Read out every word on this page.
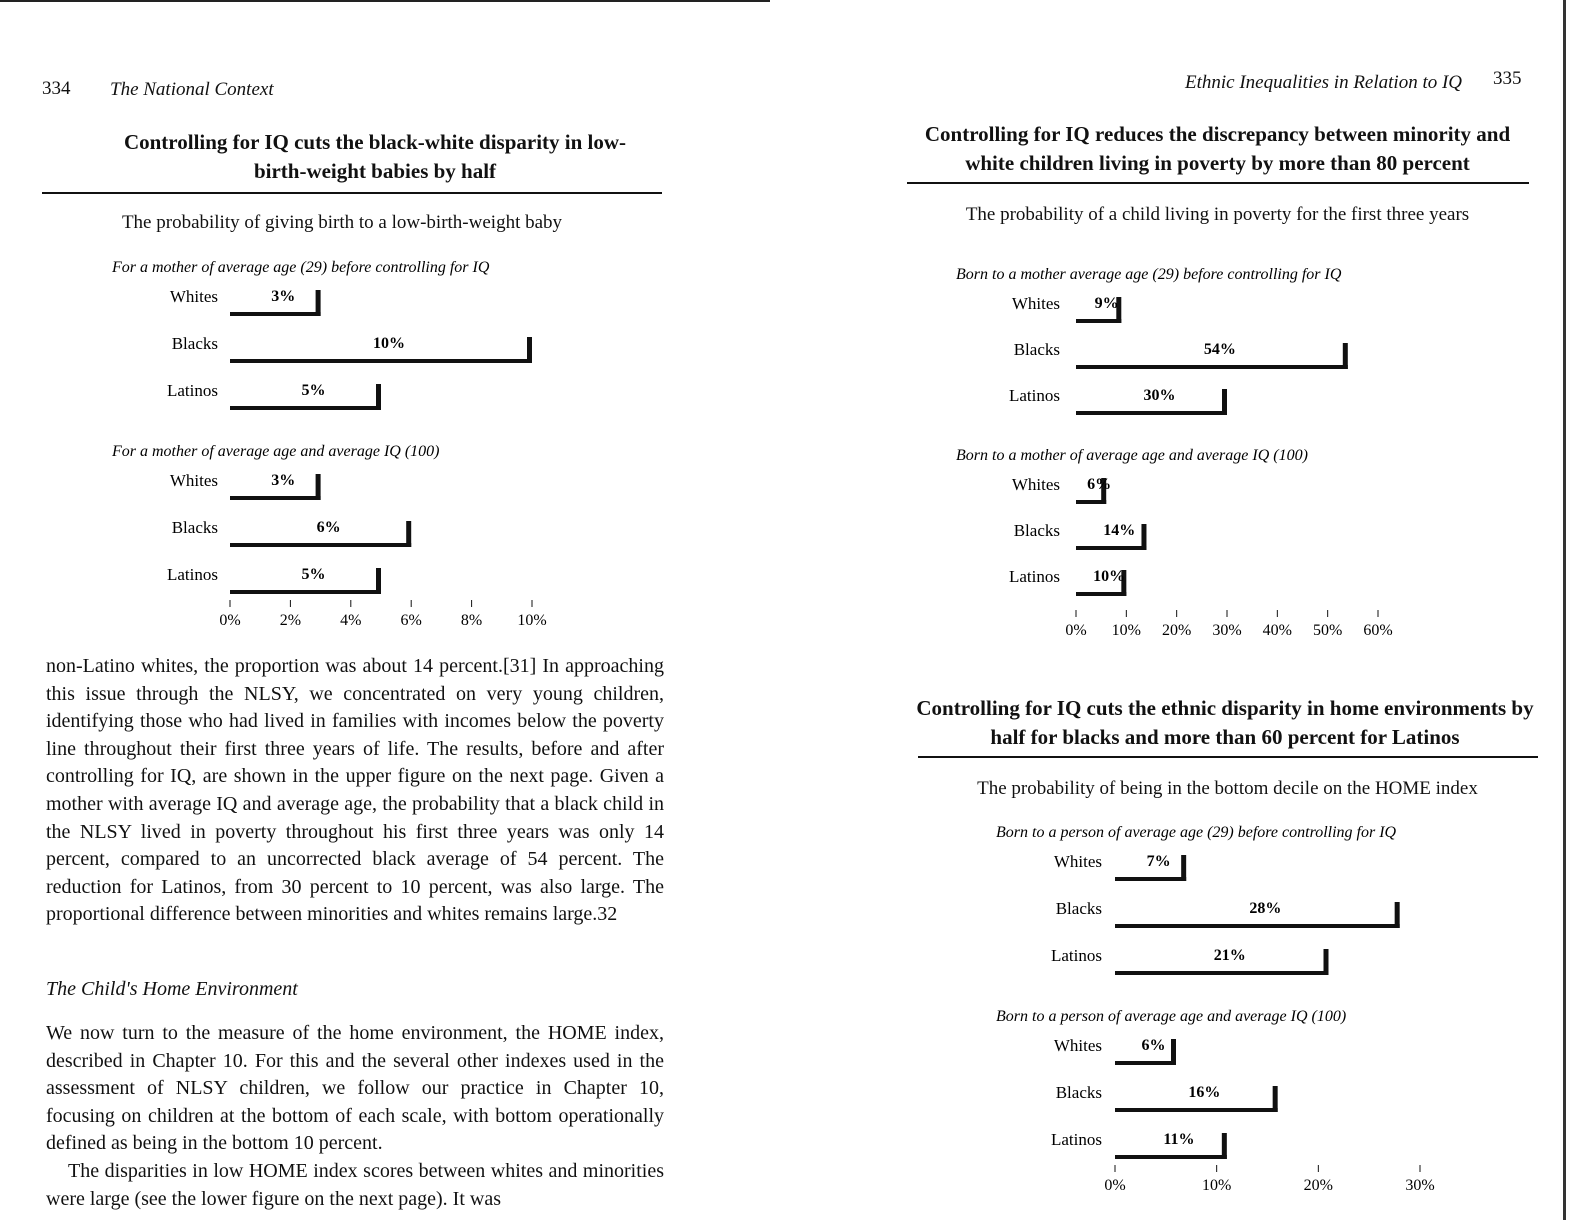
334 The National Context
Controlling for IQ cuts the black-white disparity in low-birth-weight babies by half
The probability of giving birth to a low-birth-weight baby
For a mother of average age (29) before controlling for IQ
Whites	3%
Blacks	10%
Latinos	5%
For a mother of average age and average IQ (100)
Whites	3%
Blacks	6%
Latinos	5%
0% 2% 4% 6% 8% 10%

non-Latino whites, the proportion was about 14 percent.[31] In approaching this issue through the NLSY, we concentrated on very young children, identifying those who had lived in families with incomes below the poverty line throughout their first three years of life. The results, before and after controlling for IQ, are shown in the upper figure on the next page. Given a mother with average IQ and average age, the probability that a black child in the NLSY lived in poverty throughout his first three years was only 14 percent, compared to an uncorrected black average of 54 percent. The reduction for Latinos, from 30 percent to 10 percent, was also large. The proportional difference between minorities and whites remains large.32

The Child's Home Environment

We now turn to the measure of the home environment, the HOME index, described in Chapter 10. For this and the several other indexes used in the assessment of NLSY children, we follow our practice in Chapter 10, focusing on children at the bottom of each scale, with bottom operationally defined as being in the bottom 10 percent.

The disparities in low HOME index scores between whites and minorities were large (see the lower figure on the next page). It was

Ethnic Inequalities in Relation to IQ 335
Controlling for IQ reduces the discrepancy between minority and white children living in poverty by more than 80 percent
The probability of a child living in poverty for the first three years
Born to a mother average age (29) before controlling for IQ
Whites 9%
Blacks	54%
Latinos	30%
Born to a mother of average age and average IQ (100)
Whites 6%
Blacks	14%
Latinos 10%
0% 10% 20% 30% 40% 50% 60%
Controlling for IQ cuts the ethnic disparity in home environments by half for blacks and more than 60 percent for Latinos
The probability of being in the bottom decile on the HOME index
Born to a person of average age (29) before controlling for IQ
Whites	7%
Blacks	28%
Latinos	21%
Born to a person of average age and average IQ (100)
Whites 6%
Blacks	16%
Latinos	11%
0%	10%	20%	30%
